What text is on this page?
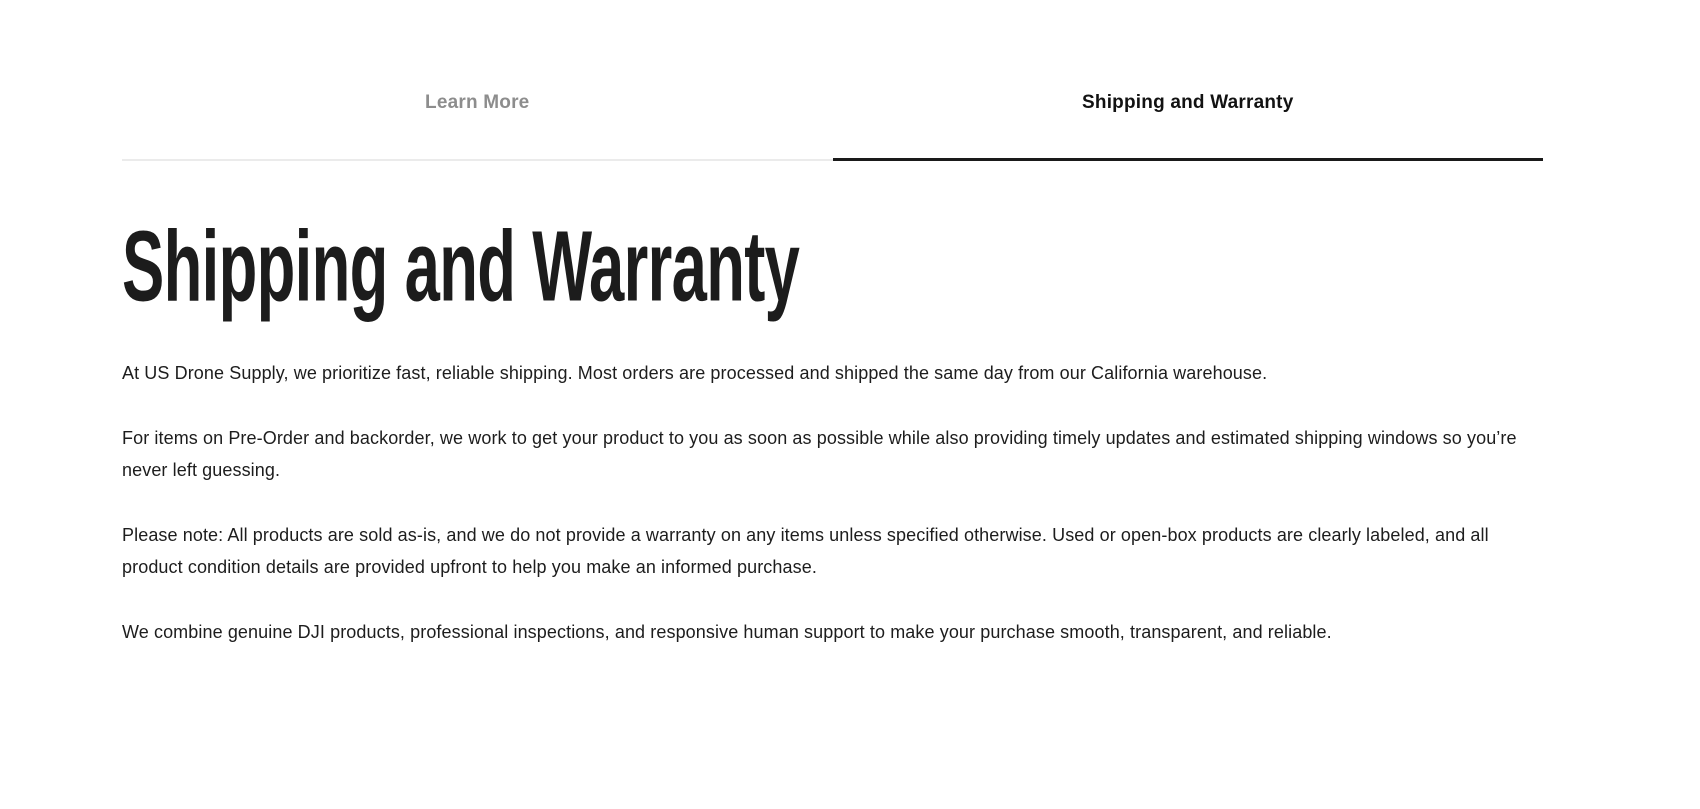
Learn More	Shipping and Warranty
Shipping and Warranty

At US Drone Supply, we prioritize fast, reliable shipping. Most orders are processed and shipped the same day from our California warehouse.

For items on Pre-Order and backorder, we work to get your product to you as soon as possible while also providing timely updates and estimated shipping windows so you’re never left guessing.

Please note: All products are sold as-is, and we do not provide a warranty on any items unless specified otherwise. Used or open-box products are clearly labeled, and all product condition details are provided upfront to help you make an informed purchase.

We combine genuine DJI products, professional inspections, and responsive human support to make your purchase smooth, transparent, and reliable.
